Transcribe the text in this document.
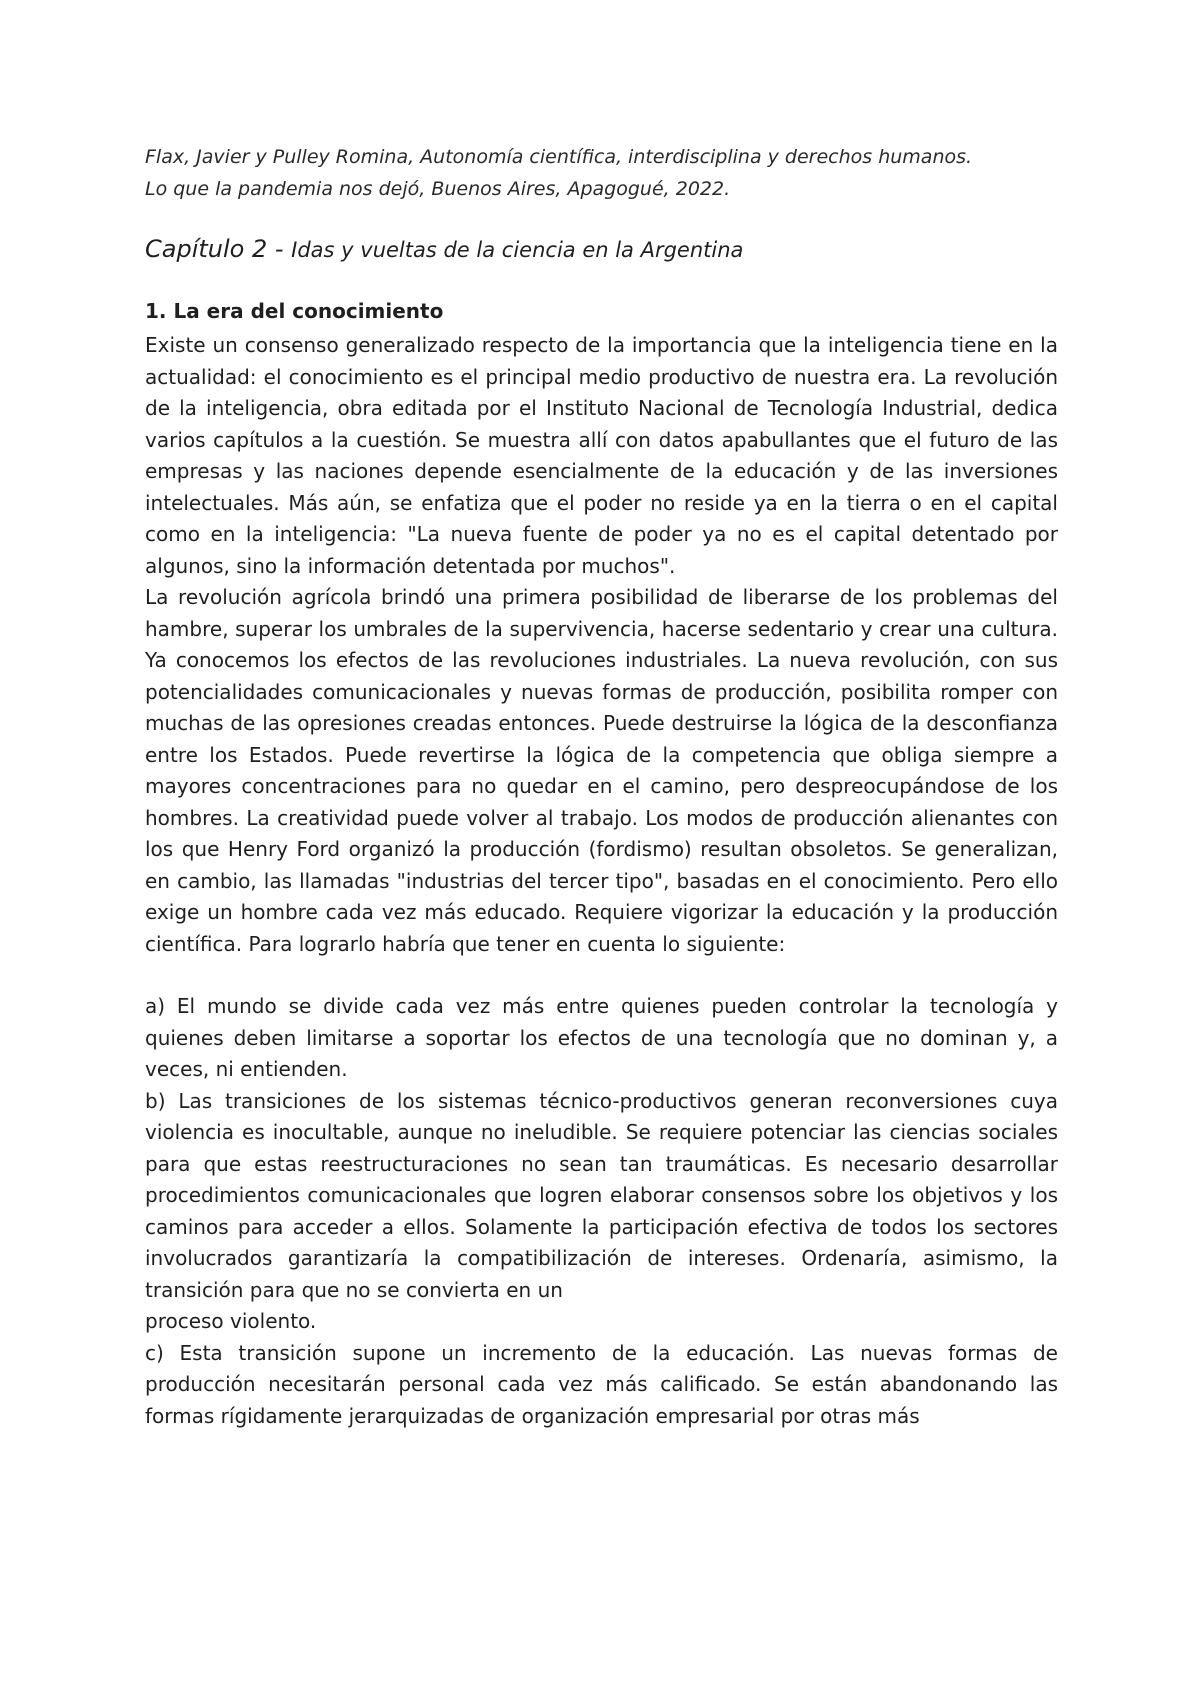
Flax, Javier y Pulley Romina, Autonomía científica, interdisciplina y derechos humanos.
Lo que la pandemia nos dejó, Buenos Aires, Apagogué, 2022.

Capítulo 2 - Idas y vueltas de la ciencia en la Argentina
1. La era del conocimiento

Existe un consenso generalizado respecto de la importancia que la inteligencia tiene en la actualidad: el conocimiento es el principal medio productivo de nuestra era. La revolución de la inteligencia, obra editada por el Instituto Nacional de Tecnología Industrial, dedica varios capítulos a la cuestión. Se muestra allí con datos apabullantes que el futuro de las empresas y las naciones depende esencialmente de la educación y de las inversiones intelectuales. Más aún, se enfatiza que el poder no reside ya en la tierra o en el capital como en la inteligencia: "La nueva fuente de poder ya no es el capital detentado por algunos, sino la información detentada por muchos".

La revolución agrícola brindó una primera posibilidad de liberarse de los problemas del hambre, superar los umbrales de la supervivencia, hacerse sedentario y crear una cultura. Ya conocemos los efectos de las revoluciones industriales. La nueva revolución, con sus potencialidades comunicacionales y nuevas formas de producción, posibilita romper con muchas de las opresiones creadas entonces. Puede destruirse la lógica de la desconfianza entre los Estados. Puede revertirse la lógica de la competencia que obliga siempre a mayores concentraciones para no quedar en el camino, pero despreocupándose de los hombres. La creatividad puede volver al trabajo. Los modos de producción alienantes con los que Henry Ford organizó la producción (fordismo) resultan obsoletos. Se generalizan, en cambio, las llamadas "industrias del tercer tipo", basadas en el conocimiento. Pero ello exige un hombre cada vez más educado. Requiere vigorizar la educación y la producción científica. Para lograrlo habría que tener en cuenta lo siguiente:

a) El mundo se divide cada vez más entre quienes pueden controlar la tecnología y quienes deben limitarse a soportar los efectos de una tecnología que no dominan y, a veces, ni entienden.

b) Las transiciones de los sistemas técnico-productivos generan reconversiones cuya violencia es inocultable, aunque no ineludible. Se requiere potenciar las ciencias sociales para que estas reestructuraciones no sean tan traumáticas. Es necesario desarrollar procedimientos comunicacionales que logren elaborar consensos sobre los objetivos y los caminos para acceder a ellos. Solamente la participación efectiva de todos los sectores involucrados garantizaría la compatibilización de intereses. Ordenaría, asimismo, la transición para que no se convierta en un

proceso violento.

c) Esta transición supone un incremento de la educación. Las nuevas formas de producción necesitarán personal cada vez más calificado. Se están abandonando las formas rígidamente jerarquizadas de organización empresarial por otras más
